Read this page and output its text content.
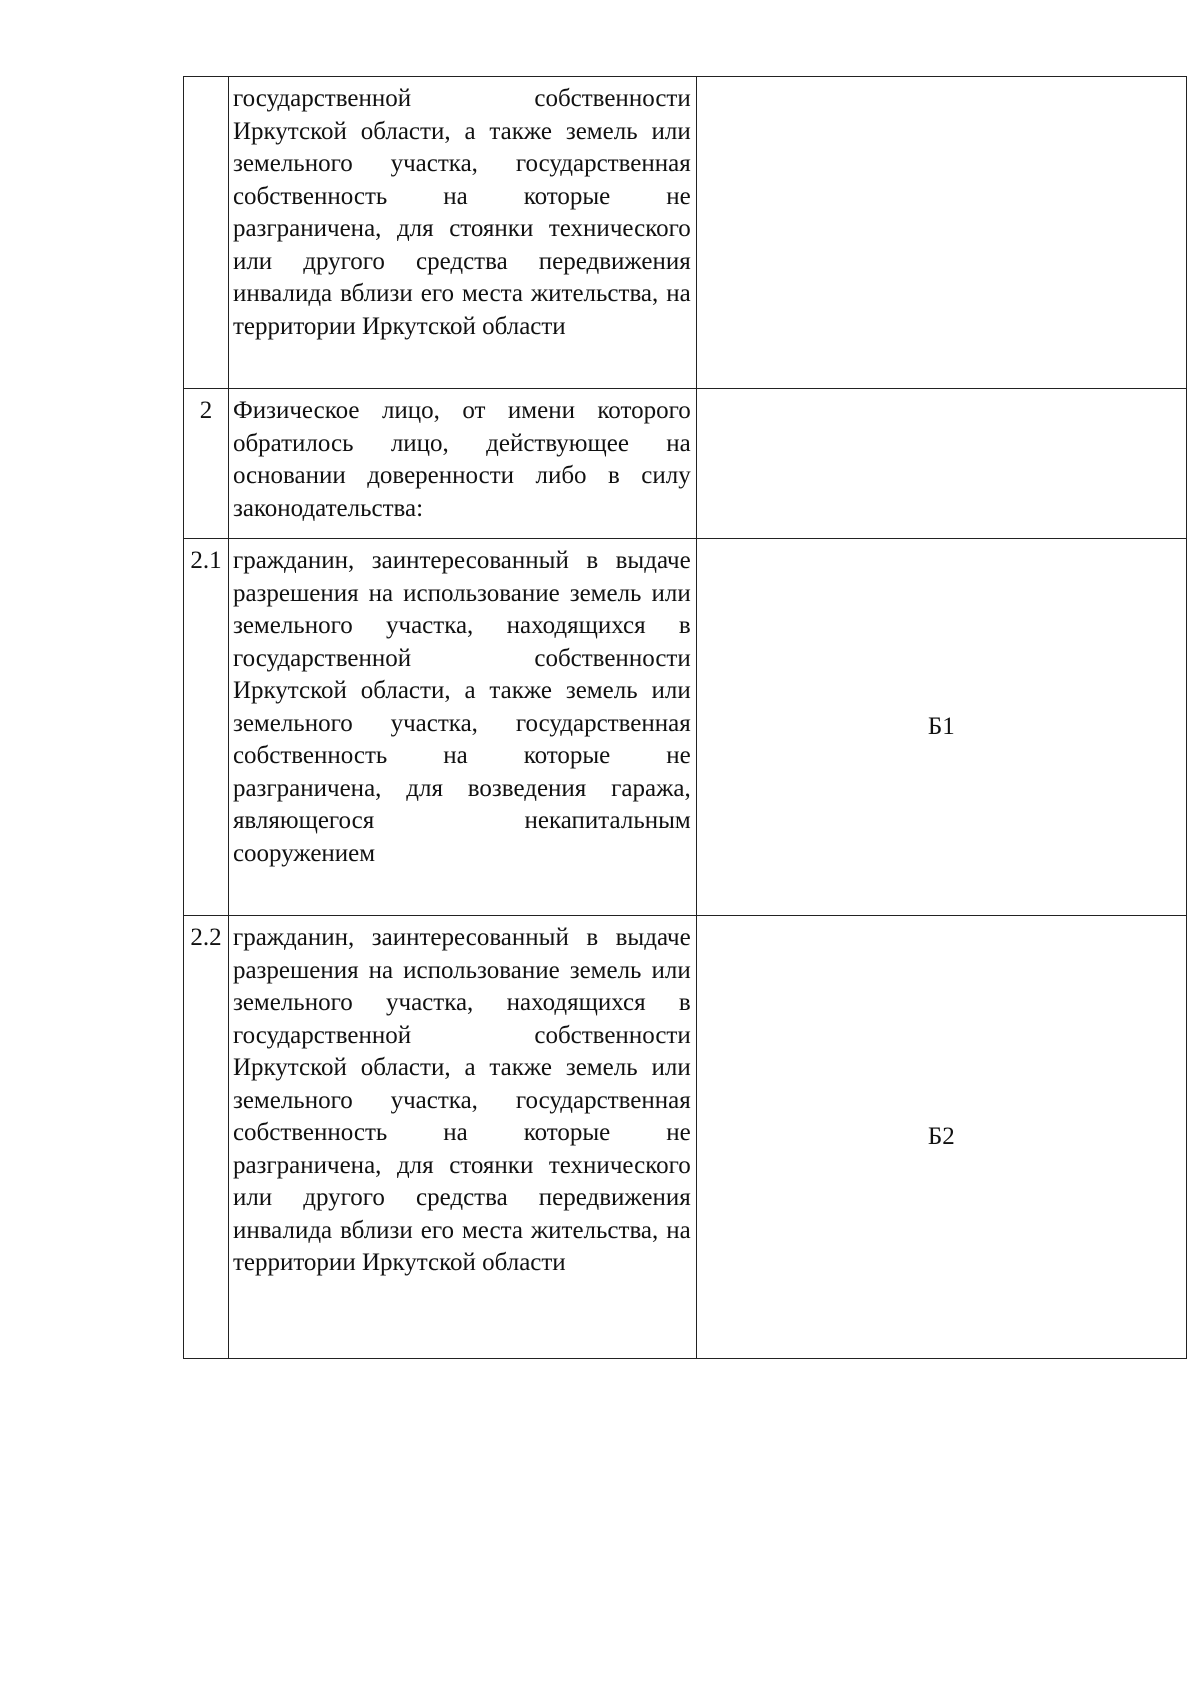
	государственной собственности Иркутской области, а также земель или земельного участка, государственная собственность на которые не разграничена, для стоянки технического или другого средства передвижения инвалида вблизи его места жительства, на территории Иркутской области	
2	Физическое лицо, от имени которого обратилось лицо, действующее на основании доверенности либо в силу законодательства:	
2.1	гражданин, заинтересованный в выдаче разрешения на использование земель или земельного участка, находящихся в государственной собственности Иркутской области, а также земель или земельного участка, государственная собственность на которые не разграничена, для возведения гаража, являющегося некапитальным сооружением	Б1
2.2	гражданин, заинтересованный в выдаче разрешения на использование земель или земельного участка, находящихся в государственной собственности Иркутской области, а также земель или земельного участка, государственная собственность на которые не разграничена, для стоянки технического или другого средства передвижения инвалида вблизи его места жительства, на территории Иркутской области	Б2
